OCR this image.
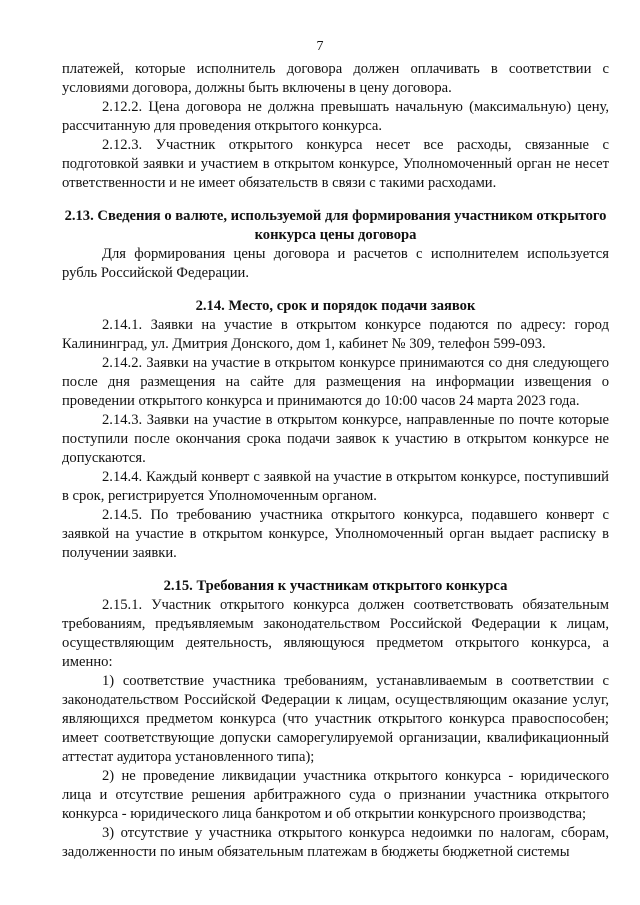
7

платежей, которые исполнитель договора должен оплачивать в соответствии с условиями договора, должны быть включены в цену договора.

2.12.2. Цена договора не должна превышать начальную (максимальную) цену, рассчитанную для проведения открытого конкурса.

2.12.3. Участник открытого конкурса несет все расходы, связанные с подготовкой заявки и участием в открытом конкурсе, Уполномоченный орган не несет ответственности и не имеет обязательств в связи с такими расходами.

2.13. Сведения о валюте, используемой для формирования участником открытого конкурса цены договора

Для формирования цены договора и расчетов с исполнителем используется рубль Российской Федерации.

2.14. Место, срок и порядок подачи заявок

2.14.1. Заявки на участие в открытом конкурсе подаются по адресу: город Калининград, ул. Дмитрия Донского, дом 1, кабинет № 309, телефон 599-093.

2.14.2. Заявки на участие в открытом конкурсе принимаются со дня следующего после дня размещения на сайте для размещения на информации извещения о проведении открытого конкурса и принимаются до 10:00 часов 24 марта 2023 года.

2.14.3. Заявки на участие в открытом конкурсе, направленные по почте которые поступили после окончания срока подачи заявок к участию в открытом конкурсе не допускаются.

2.14.4. Каждый конверт с заявкой на участие в открытом конкурсе, поступивший в срок, регистрируется Уполномоченным органом.

2.14.5. По требованию участника открытого конкурса, подавшего конверт с заявкой на участие в открытом конкурсе, Уполномоченный орган выдает расписку в получении заявки.

2.15. Требования к участникам открытого конкурса

2.15.1. Участник открытого конкурса должен соответствовать обязательным требованиям, предъявляемым законодательством Российской Федерации к лицам, осуществляющим деятельность, являющуюся предметом открытого конкурса, а именно:

1) соответствие участника требованиям, устанавливаемым в соответствии с законодательством Российской Федерации к лицам, осуществляющим оказание услуг, являющихся предметом конкурса (что участник открытого конкурса правоспособен; имеет соответствующие допуски саморегулируемой организации, квалификационный аттестат аудитора установленного типа);

2) не проведение ликвидации участника открытого конкурса - юридического лица и отсутствие решения арбитражного суда о признании участника открытого конкурса - юридического лица банкротом и об открытии конкурсного производства;

3) отсутствие у участника открытого конкурса недоимки по налогам, сборам, задолженности по иным обязательным платежам в бюджеты бюджетной системы
